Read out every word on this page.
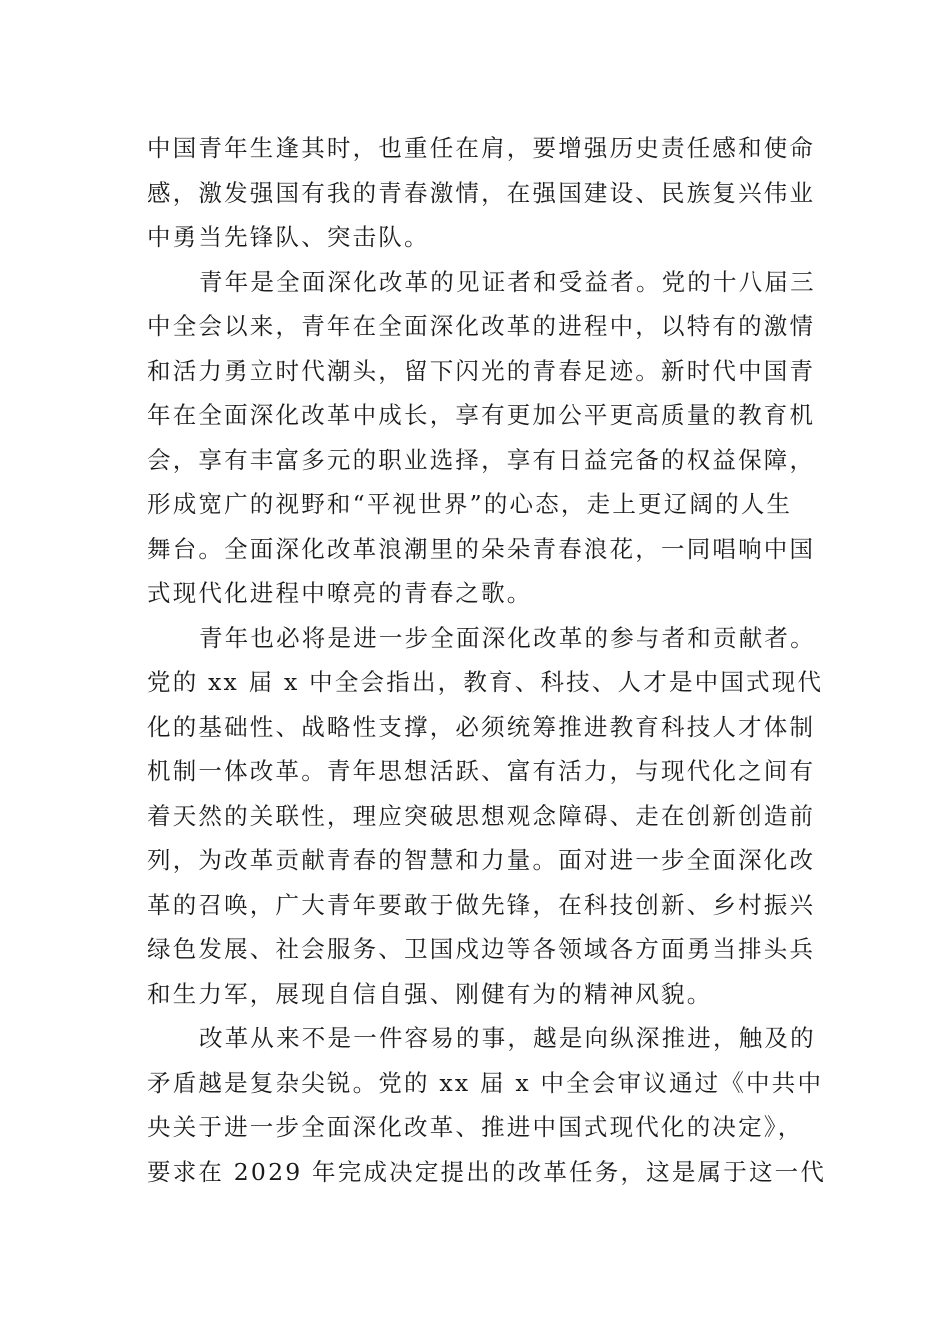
中国青年生逢其时，也重任在肩，要增强历史责任感和使命
感，激发强国有我的青春激情，在强国建设、民族复兴伟业
中勇当先锋队、突击队。
青年是全面深化改革的见证者和受益者。党的十八届三
中全会以来，青年在全面深化改革的进程中，以特有的激情
和活力勇立时代潮头，留下闪光的青春足迹。新时代中国青
年在全面深化改革中成长，享有更加公平更高质量的教育机
会，享有丰富多元的职业选择，享有日益完备的权益保障，
形成宽广的视野和“平视世界”的心态，走上更辽阔的人生
舞台。全面深化改革浪潮里的朵朵青春浪花，一同唱响中国
式现代化进程中嘹亮的青春之歌。
青年也必将是进一步全面深化改革的参与者和贡献者。
党的 xx 届 x 中全会指出，教育、科技、人才是中国式现代
化的基础性、战略性支撑，必须统筹推进教育科技人才体制
机制一体改革。青年思想活跃、富有活力，与现代化之间有
着天然的关联性，理应突破思想观念障碍、走在创新创造前
列，为改革贡献青春的智慧和力量。面对进一步全面深化改
革的召唤，广大青年要敢于做先锋，在科技创新、乡村振兴
绿色发展、社会服务、卫国戍边等各领域各方面勇当排头兵
和生力军，展现自信自强、刚健有为的精神风貌。
改革从来不是一件容易的事，越是向纵深推进，触及的
矛盾越是复杂尖锐。党的 xx 届 x 中全会审议通过《中共中
央关于进一步全面深化改革、推进中国式现代化的决定》，
要求在 2029 年完成决定提出的改革任务，这是属于这一代
